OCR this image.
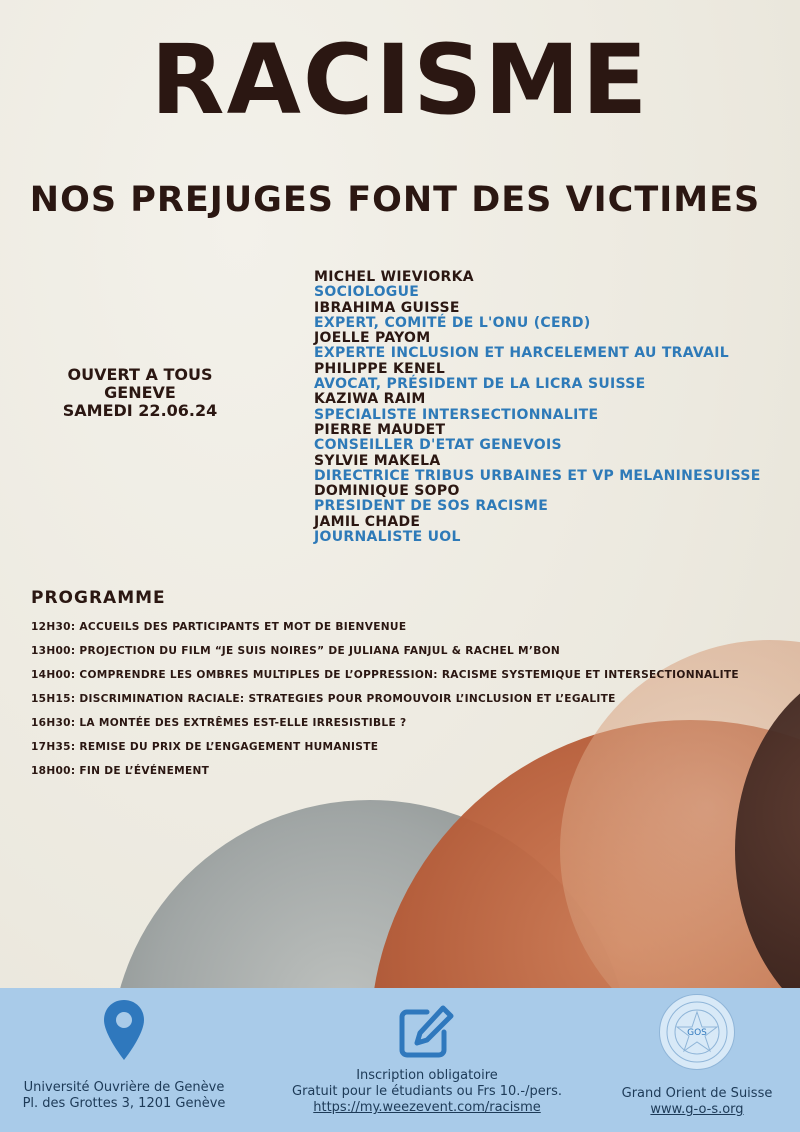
RACISME
NOS PREJUGES FONT DES VICTIMES
OUVERT A TOUS
GENEVE
SAMEDI 22.06.24
MICHEL WIEVIORKA
SOCIOLOGUE
IBRAHIMA GUISSE
EXPERT, COMITÉ DE L'ONU (CERD)
JOELLE PAYOM
EXPERTE INCLUSION ET HARCELEMENT AU TRAVAIL
PHILIPPE KENEL
AVOCAT, PRÉSIDENT DE LA LICRA SUISSE
KAZIWA RAIM
SPECIALISTE INTERSECTIONNALITE
PIERRE MAUDET
CONSEILLER D'ETAT GENEVOIS
SYLVIE MAKELA
DIRECTRICE TRIBUS URBAINES ET VP MELANINESUISSE
DOMINIQUE SOPO
PRESIDENT DE SOS RACISME
JAMIL CHADE
JOURNALISTE UOL
PROGRAMME
12H30: ACCUEILS DES PARTICIPANTS ET MOT DE BIENVENUE
13H00: PROJECTION DU FILM “JE SUIS NOIRES” DE JULIANA FANJUL & RACHEL M’BON
14H00: COMPRENDRE LES OMBRES MULTIPLES DE L’OPPRESSION: RACISME SYSTEMIQUE ET INTERSECTIONNALITE
15H15: DISCRIMINATION RACIALE: STRATEGIES POUR PROMOUVOIR L’INCLUSION ET L’EGALITE
16H30: LA MONTÉE DES EXTRÊMES EST-ELLE IRRESISTIBLE ?
17H35: REMISE DU PRIX DE L’ENGAGEMENT HUMANISTE
18H00: FIN DE L’ÉVÉNEMENT
Université Ouvrière de Genève
Pl. des Grottes 3, 1201 Genève
Inscription obligatoire
Gratuit pour le étudiants ou Frs 10.-/pers.
https://my.weezevent.com/racisme
GOS
Grand Orient de Suisse
www.g-o-s.org
